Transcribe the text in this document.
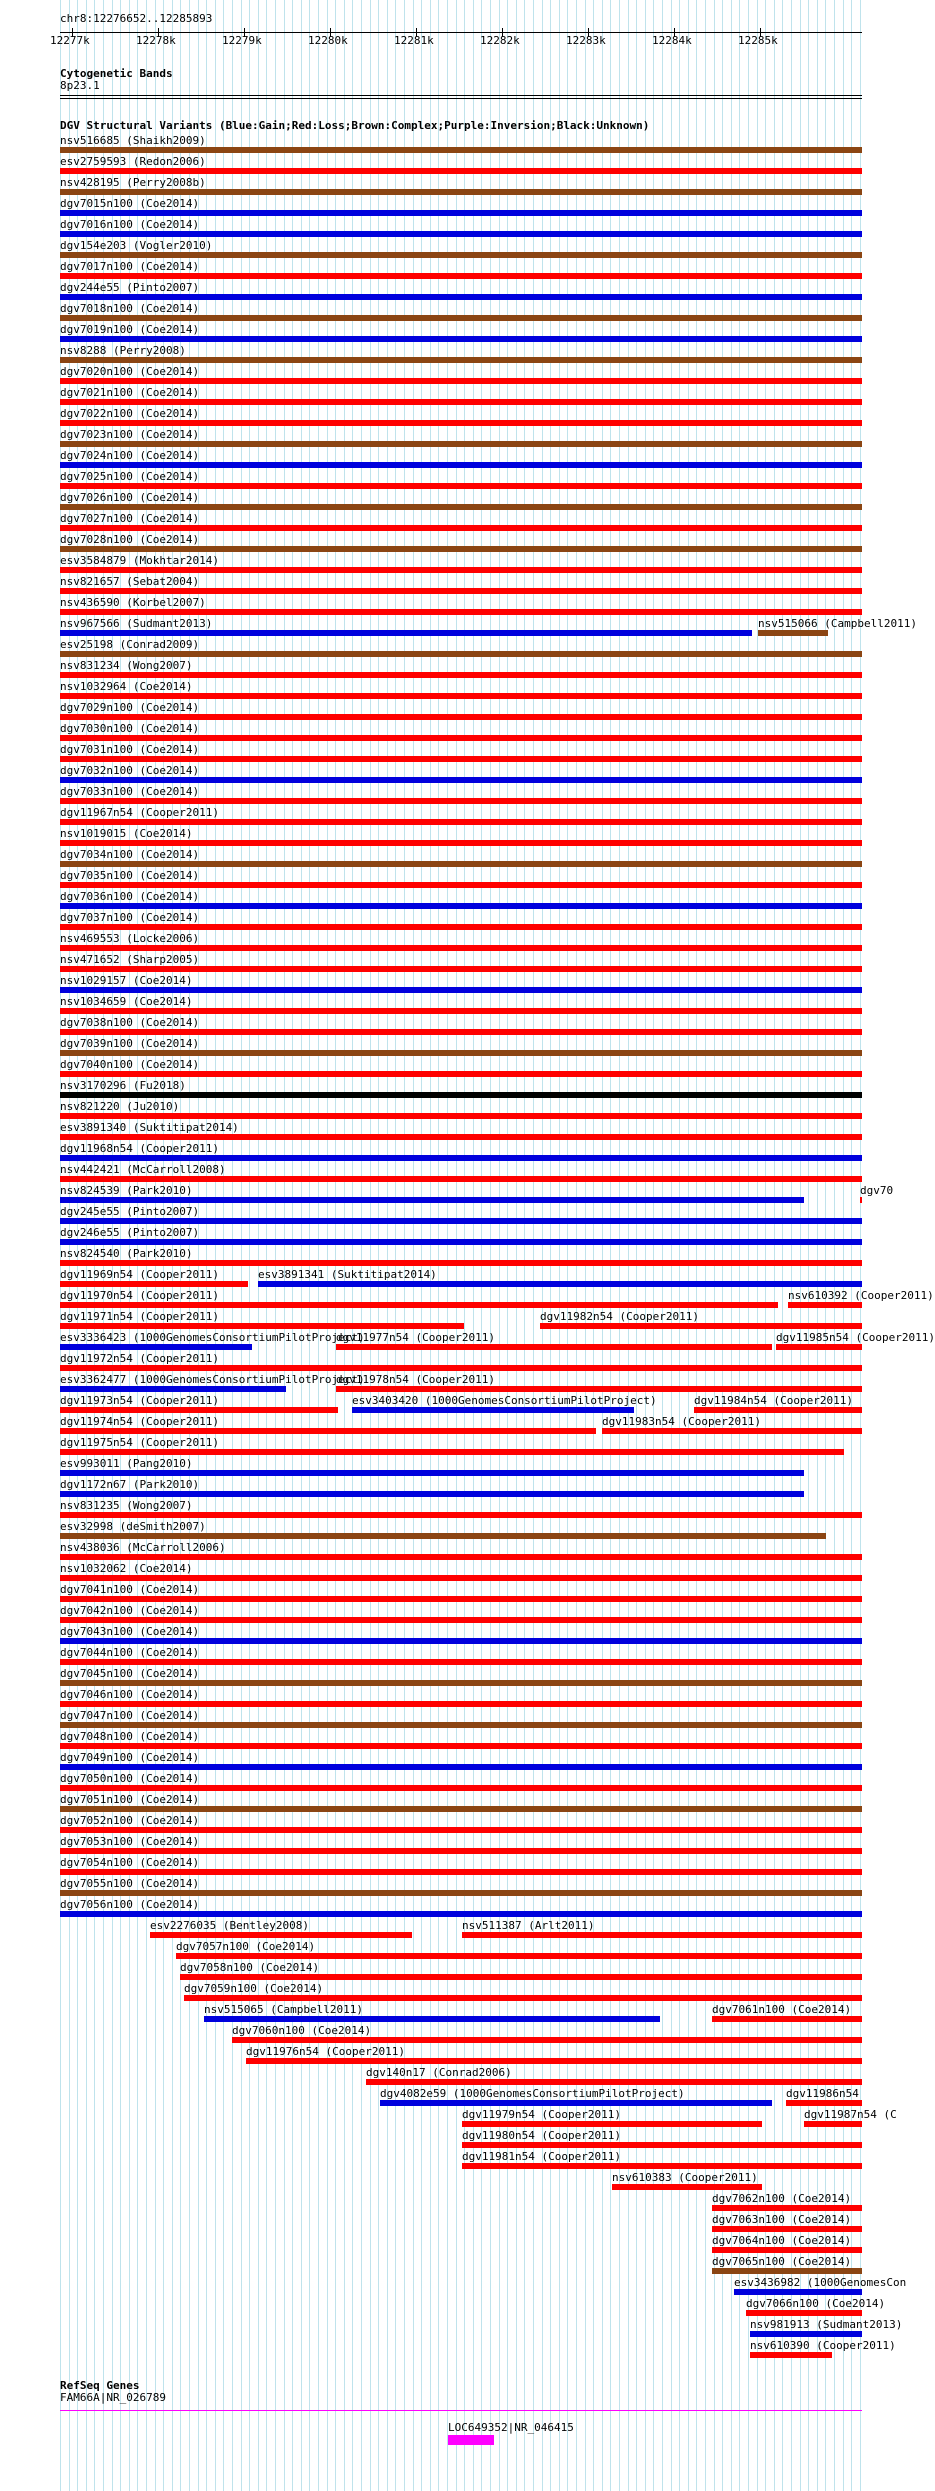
chr8:12276652..12285893
12277k	12278k	12279k	12280k	12281k	12282k	12283k	12284k	12285k
Cytogenetic Bands
8p23.1
DGV Structural Variants (Blue:Gain;Red:Loss;Brown:Complex;Purple:Inversion;Black:Unknown)
nsv516685 (Shaikh2009)
esv2759593 (Redon2006)
nsv428195 (Perry2008b)
dgv7015n100 (Coe2014)
dgv7016n100 (Coe2014)
dgv154e203 (Vogler2010)
dgv7017n100 (Coe2014)
dgv244e55 (Pinto2007)
dgv7018n100 (Coe2014)
dgv7019n100 (Coe2014)
nsv8288 (Perry2008)
dgv7020n100 (Coe2014)
dgv7021n100 (Coe2014)
dgv7022n100 (Coe2014)
dgv7023n100 (Coe2014)
dgv7024n100 (Coe2014)
dgv7025n100 (Coe2014)
dgv7026n100 (Coe2014)
dgv7027n100 (Coe2014)
dgv7028n100 (Coe2014)
esv3584879 (Mokhtar2014)
nsv821657 (Sebat2004)
nsv436590 (Korbel2007)
nsv967566 (Sudmant2013)	nsv515066 (Campbell2011)
esv25198 (Conrad2009)
nsv831234 (Wong2007)
nsv1032964 (Coe2014)
dgv7029n100 (Coe2014)
dgv7030n100 (Coe2014)
dgv7031n100 (Coe2014)
dgv7032n100 (Coe2014)
dgv7033n100 (Coe2014)
dgv11967n54 (Cooper2011)
nsv1019015 (Coe2014)
dgv7034n100 (Coe2014)
dgv7035n100 (Coe2014)
dgv7036n100 (Coe2014)
dgv7037n100 (Coe2014)
nsv469553 (Locke2006)
nsv471652 (Sharp2005)
nsv1029157 (Coe2014)
nsv1034659 (Coe2014)
dgv7038n100 (Coe2014)
dgv7039n100 (Coe2014)
dgv7040n100 (Coe2014)
nsv3170296 (Fu2018)
nsv821220 (Ju2010)
esv3891340 (Suktitipat2014)
dgv11968n54 (Cooper2011)
nsv442421 (McCarroll2008)
nsv824539 (Park2010)	dgv70
dgv245e55 (Pinto2007)
dgv246e55 (Pinto2007)
nsv824540 (Park2010)
dgv11969n54 (Cooper2011)	esv3891341 (Suktitipat2014)
dgv11970n54 (Cooper2011)	nsv610392 (Cooper2011)
dgv11971n54 (Cooper2011)	dgv11982n54 (Cooper2011)
esv3336423 (1000GenomesConsortiumPilotProject)
dgv11977n54 (Cooper2011)	dgv11985n54 (Cooper2011)
dgv11972n54 (Cooper2011)
esv3362477 (1000GenomesConsortiumPilotProject)
dgv11978n54 (Cooper2011)
dgv11973n54 (Cooper2011)	esv3403420 (1000GenomesConsortiumPilotProject)	dgv11984n54 (Cooper2011)
dgv11974n54 (Cooper2011)	dgv11983n54 (Cooper2011)
dgv11975n54 (Cooper2011)
esv993011 (Pang2010)
dgv1172n67 (Park2010)
nsv831235 (Wong2007)
esv32998 (deSmith2007)
nsv438036 (McCarroll2006)
nsv1032062 (Coe2014)
dgv7041n100 (Coe2014)
dgv7042n100 (Coe2014)
dgv7043n100 (Coe2014)
dgv7044n100 (Coe2014)
dgv7045n100 (Coe2014)
dgv7046n100 (Coe2014)
dgv7047n100 (Coe2014)
dgv7048n100 (Coe2014)
dgv7049n100 (Coe2014)
dgv7050n100 (Coe2014)
dgv7051n100 (Coe2014)
dgv7052n100 (Coe2014)
dgv7053n100 (Coe2014)
dgv7054n100 (Coe2014)
dgv7055n100 (Coe2014)
dgv7056n100 (Coe2014)
esv2276035 (Bentley2008)	nsv511387 (Arlt2011)
dgv7057n100 (Coe2014)
dgv7058n100 (Coe2014)
dgv7059n100 (Coe2014)
nsv515065 (Campbell2011)	dgv7061n100 (Coe2014)
dgv7060n100 (Coe2014)
dgv11976n54 (Cooper2011)
dgv140n17 (Conrad2006)
dgv4082e59 (1000GenomesConsortiumPilotProject)	dgv11986n54
dgv11979n54 (Cooper2011)	dgv11987n54 (C
dgv11980n54 (Cooper2011)
dgv11981n54 (Cooper2011)
nsv610383 (Cooper2011)
dgv7062n100 (Coe2014)
dgv7063n100 (Coe2014)
dgv7064n100 (Coe2014)
dgv7065n100 (Coe2014)
esv3436982 (1000GenomesCon
dgv7066n100 (Coe2014)
nsv981913 (Sudmant2013)
nsv610390 (Cooper2011)
RefSeq Genes
FAM66A|NR_026789
LOC649352|NR_046415
